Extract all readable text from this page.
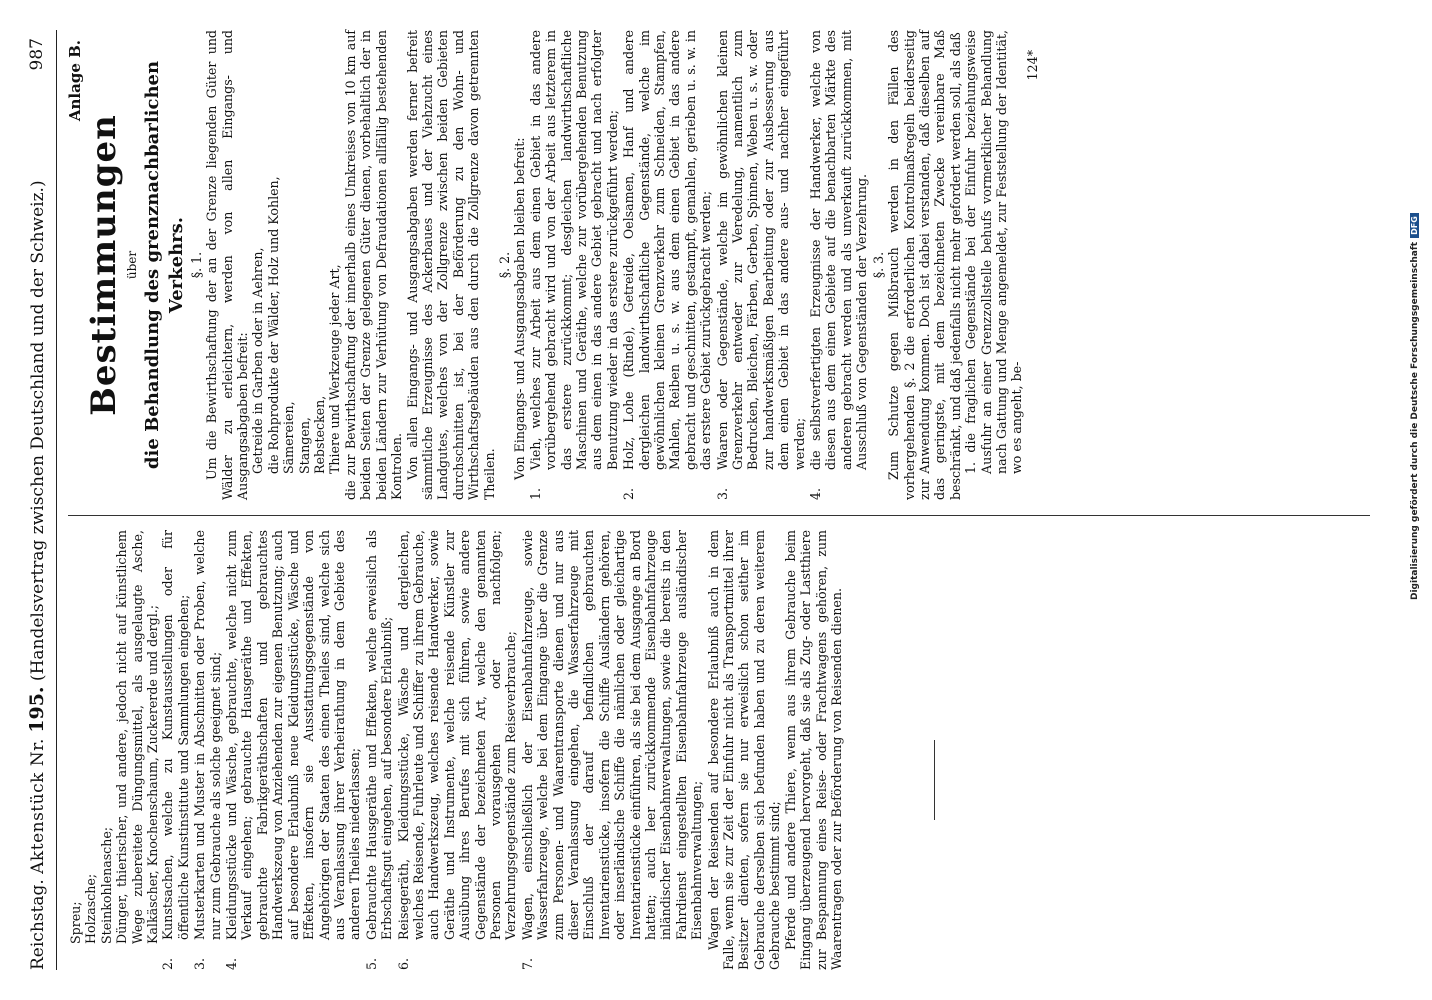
Reichstag. Aktenstück Nr. 195. (Handelsvertrag zwischen Deutschland und der Schweiz.)
987

Spreu; Holzasche; Steinkohlenasche; Dünger, thierischer, und andere, jedoch nicht auf künstlichem Wege zubereitete Düngungsmittel, als ausgelaugte Asche, Kalkäscher, Knochenschaum, Zuckererde und dergl.;

2.

Kunstsachen, welche zu Kunstausstellungen oder für öffentliche Kunstinstitute und Sammlungen eingehen;

3.

Musterkarten und Muster in Abschnitten oder Proben, welche nur zum Gebrauche als solche geeignet sind;

4.

Kleidungsstücke und Wäsche, gebrauchte, welche nicht zum Verkauf eingehen; gebrauchte Hausgeräthe und Effekten, gebrauchte Fabrikgeräthschaften und gebrauchtes Handwerkszeug von Anziehenden zur eigenen Benutzung; auch auf besondere Erlaubniß neue Kleidungsstücke, Wäsche und Effekten, insofern sie Ausstattungsgegenstände von Angehörigen der Staaten des einen Theiles sind, welche sich aus Veranlassung ihrer Verheirathung in dem Gebiete des anderen Theiles niederlassen;

5.

Gebrauchte Hausgeräthe und Effekten, welche erweislich als Erbschaftsgut eingehen, auf besondere Erlaubniß;

6.

Reisegeräth, Kleidungsstücke, Wäsche und dergleichen, welches Reisende, Fuhrleute und Schiffer zu ihrem Gebrauche, auch Handwerkszeug, welches reisende Handwerker, sowie Geräthe und Instrumente, welche reisende Künstler zur Ausübung ihres Berufes mit sich führen, sowie andere Gegenstände der bezeichneten Art, welche den genannten Personen vorausgehen oder nachfolgen; Verzehrungsgegenstände zum Reiseverbrauche;

7.

Wagen, einschließlich der Eisenbahnfahrzeuge, sowie Wasserfahrzeuge, welche bei dem Eingange über die Grenze zum Personen- und Waarentransporte dienen und nur aus dieser Veranlassung eingehen, die Wasserfahrzeuge mit Einschluß der darauf befindlichen gebrauchten Inventarienstücke, insofern die Schiffe Ausländern gehören, oder inserländische Schiffe die nämlichen oder gleichartige Inventarienstücke einführen, als sie bei dem Ausgange an Bord hatten; auch leer zurückkommende Eisenbahnfahrzeuge inländischer Eisenbahnverwaltungen, sowie die bereits in den Fahrdienst eingestellten Eisenbahnfahrzeuge ausländischer Eisenbahnverwaltungen; Wagen der Reisenden auf besondere Erlaubniß auch in dem Falle, wenn sie zur Zeit der Einfuhr nicht als Transportmittel ihrer Besitzer dienten, sofern sie nur erweislich schon seither im Gebrauche derselben sich befunden haben und zu deren weiterem Gebrauche bestimmt sind; Pferde und andere Thiere, wenn aus ihrem Gebrauche beim Eingang überzeugend hervorgeht, daß sie als Zug- oder Lastthiere zur Bespannung eines Reise- oder Frachtwagens gehören, zum Waarentragen oder zur Beförderung von Reisenden dienen.

Anlage B.

Bestimmungen über die Behandlung des grenznachbarlichen Verkehrs. §. 1. Um die Bewirthschaftung der an der Grenze liegenden Güter und Wälder zu erleichtern, werden von allen Eingangs- und Ausgangsabgaben befreit: Getreide in Garben oder in Aehren, die Rohprodukte der Wälder, Holz und Kohlen, Sämereien, Stangen, Rebstecken, Thiere und Werkzeuge jeder Art, die zur Bewirthschaftung der innerhalb eines Umkreises von 10 km auf beiden Seiten der Grenze gelegenen Güter dienen, vorbehaltlich der in beiden Ländern zur Verhütung von Defraudationen allfällig bestehenden Kontrolen. Von allen Eingangs- und Ausgangsabgaben werden ferner befreit sämmtliche Erzeugnisse des Ackerbaues und der Viehzucht eines Landgutes, welches von der Zollgrenze zwischen beiden Gebieten durchschnitten ist, bei der Beförderung zu den Wohn- und Wirthschaftsgebäuden aus den durch die Zollgrenze davon getrennten Theilen.

§. 2. Von Eingangs- und Ausgangsabgaben bleiben befreit:

1.

Vieh, welches zur Arbeit aus dem einen Gebiet in das andere vorübergehend gebracht wird und von der Arbeit aus letzterem in das erstere zurückkommt; desgleichen landwirthschaftliche Maschinen und Geräthe, welche zur vorübergehenden Benutzung aus dem einen in das andere Gebiet gebracht und nach erfolgter Benutzung wieder in das erstere zurückgeführt werden;

2.

Holz, Lohe (Rinde), Getreide, Oelsamen, Hanf und andere dergleichen landwirthschaftliche Gegenstände, welche im gewöhnlichen kleinen Grenzverkehr zum Schneiden, Stampfen, Mahlen, Reiben u. s. w. aus dem einen Gebiet in das andere gebracht und geschnitten, gestampft, gemahlen, gerieben u. s. w. in das erstere Gebiet zurückgebracht werden;

3.

Waaren oder Gegenstände, welche im gewöhnlichen kleinen Grenzverkehr entweder zur Veredelung, namentlich zum Bedrucken, Bleichen, Färben, Gerben, Spinnen, Weben u. s. w. oder zur handwerksmäßigen Bearbeitung oder zur Ausbesserung aus dem einen Gebiet in das andere aus- und nachher eingeführt werden;

4.

die selbstverfertigten Erzeugnisse der Handwerker, welche von diesen aus dem einen Gebiete auf die benachbarten Märkte des anderen gebracht werden und als unverkauft zurückkommen, mit Ausschluß von Gegenständen der Verzehrung. §. 3. Zum Schutze gegen Mißbrauch werden in den Fällen des vorhergehenden §. 2 die erforderlichen Kontrolmaßregeln beiderseitig zur Anwendung kommen. Doch ist dabei verstanden, daß dieselben auf das geringste, mit dem bezeichneten Zwecke vereinbare Maß beschränkt, und daß jedenfalls nicht mehr gefordert werden soll, als daß 1. die fraglichen Gegenstände bei der Einfuhr beziehungsweise Ausfuhr an einer Grenzzollstelle behufs vormerklicher Behandlung nach Gattung und Menge angemeldet, zur Feststellung der Identität, wo es angeht, be-

124*

Digitalisierung gefördert durch die Deutsche ForschungsgemeinschaftDFG
